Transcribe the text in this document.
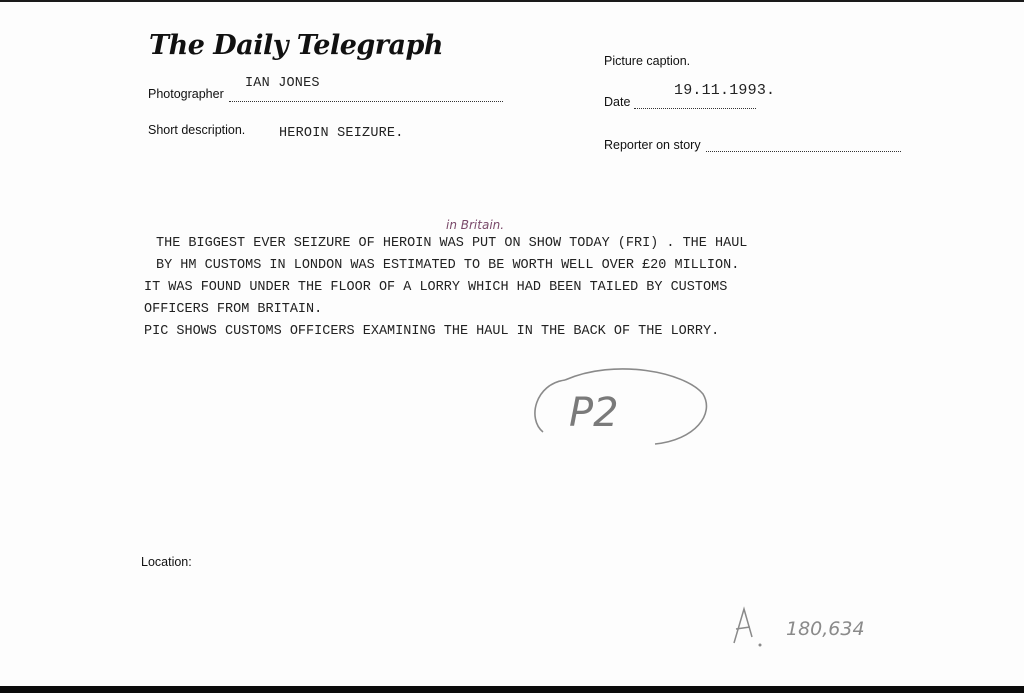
The Daily Telegraph
IAN JONES
Photographer
Short description. HEROIN SEIZURE.
Picture caption.
19.11.1993.
Date
Reporter on story
in Britain.
THE BIGGEST EVER SEIZURE OF HEROIN WAS PUT ON SHOW TODAY (FRI) . THE HAUL
BY HM CUSTOMS IN LONDON WAS ESTIMATED TO BE WORTH WELL OVER £20 MILLION.
IT WAS FOUND UNDER THE FLOOR OF A LORRY WHICH HAD BEEN TAILED BY CUSTOMS
OFFICERS FROM BRITAIN.
PIC SHOWS CUSTOMS OFFICERS EXAMINING THE HAUL IN THE BACK OF THE LORRY.
P2
Location:
180,634
